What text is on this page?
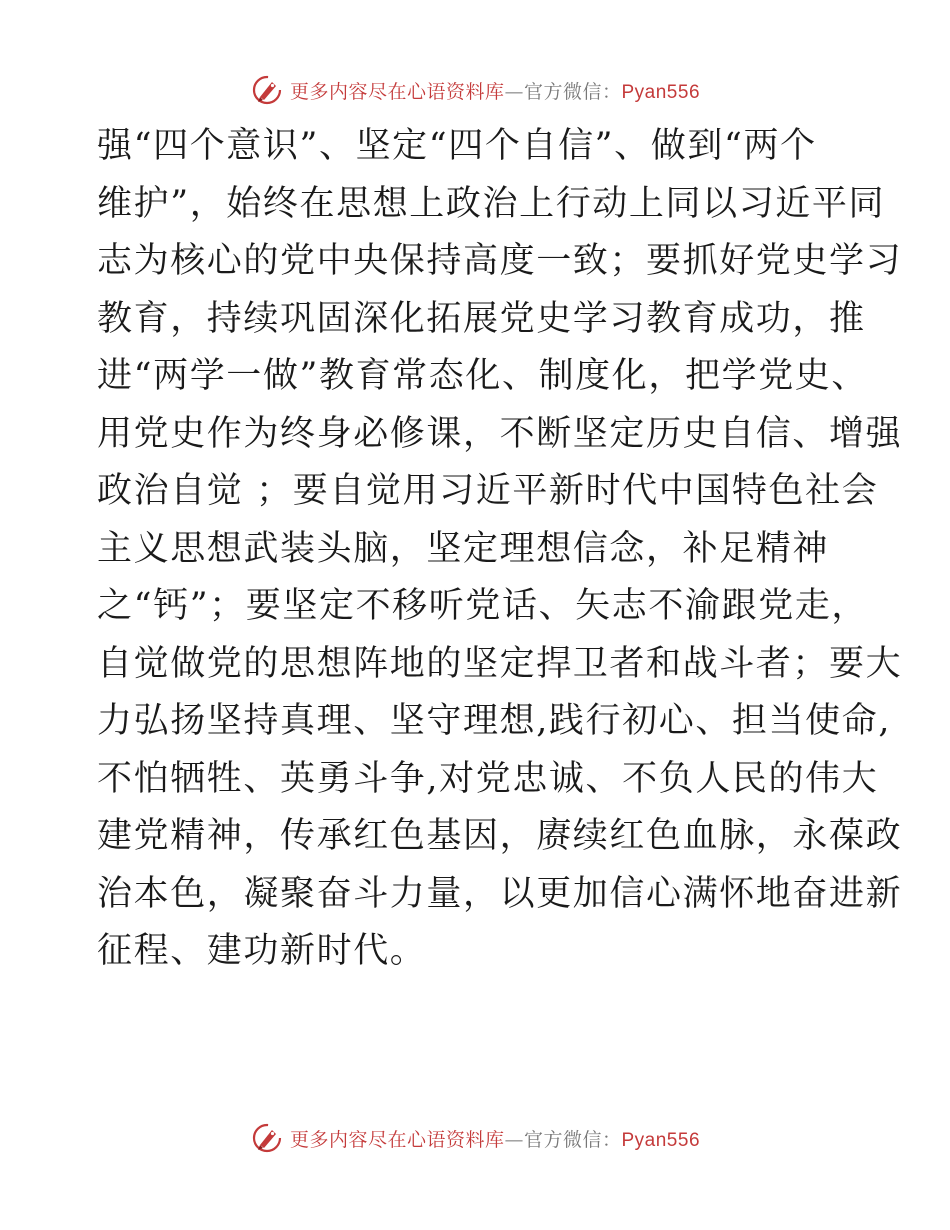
更多内容尽在心语资料库—官方微信：Pyan556
强“四个意识”、坚定“四个自信”、做到“两个
维护”，始终在思想上政治上行动上同以习近平同
志为核心的党中央保持高度一致；要抓好党史学习
教育，持续巩固深化拓展党史学习教育成功，推
进“两学一做”教育常态化、制度化，把学党史、
用党史作为终身必修课，不断坚定历史自信、增强
政治自觉 ；要自觉用习近平新时代中国特色社会
主义思想武装头脑，坚定理想信念，补足精神
之“钙”；要坚定不移听党话、矢志不渝跟党走，
自觉做党的思想阵地的坚定捍卫者和战斗者；要大
力弘扬坚持真理、坚守理想,践行初心、担当使命,
不怕牺牲、英勇斗争,对党忠诚、不负人民的伟大
建党精神，传承红色基因，赓续红色血脉，永葆政
治本色，凝聚奋斗力量，以更加信心满怀地奋进新
征程、建功新时代。
更多内容尽在心语资料库—官方微信：Pyan556
